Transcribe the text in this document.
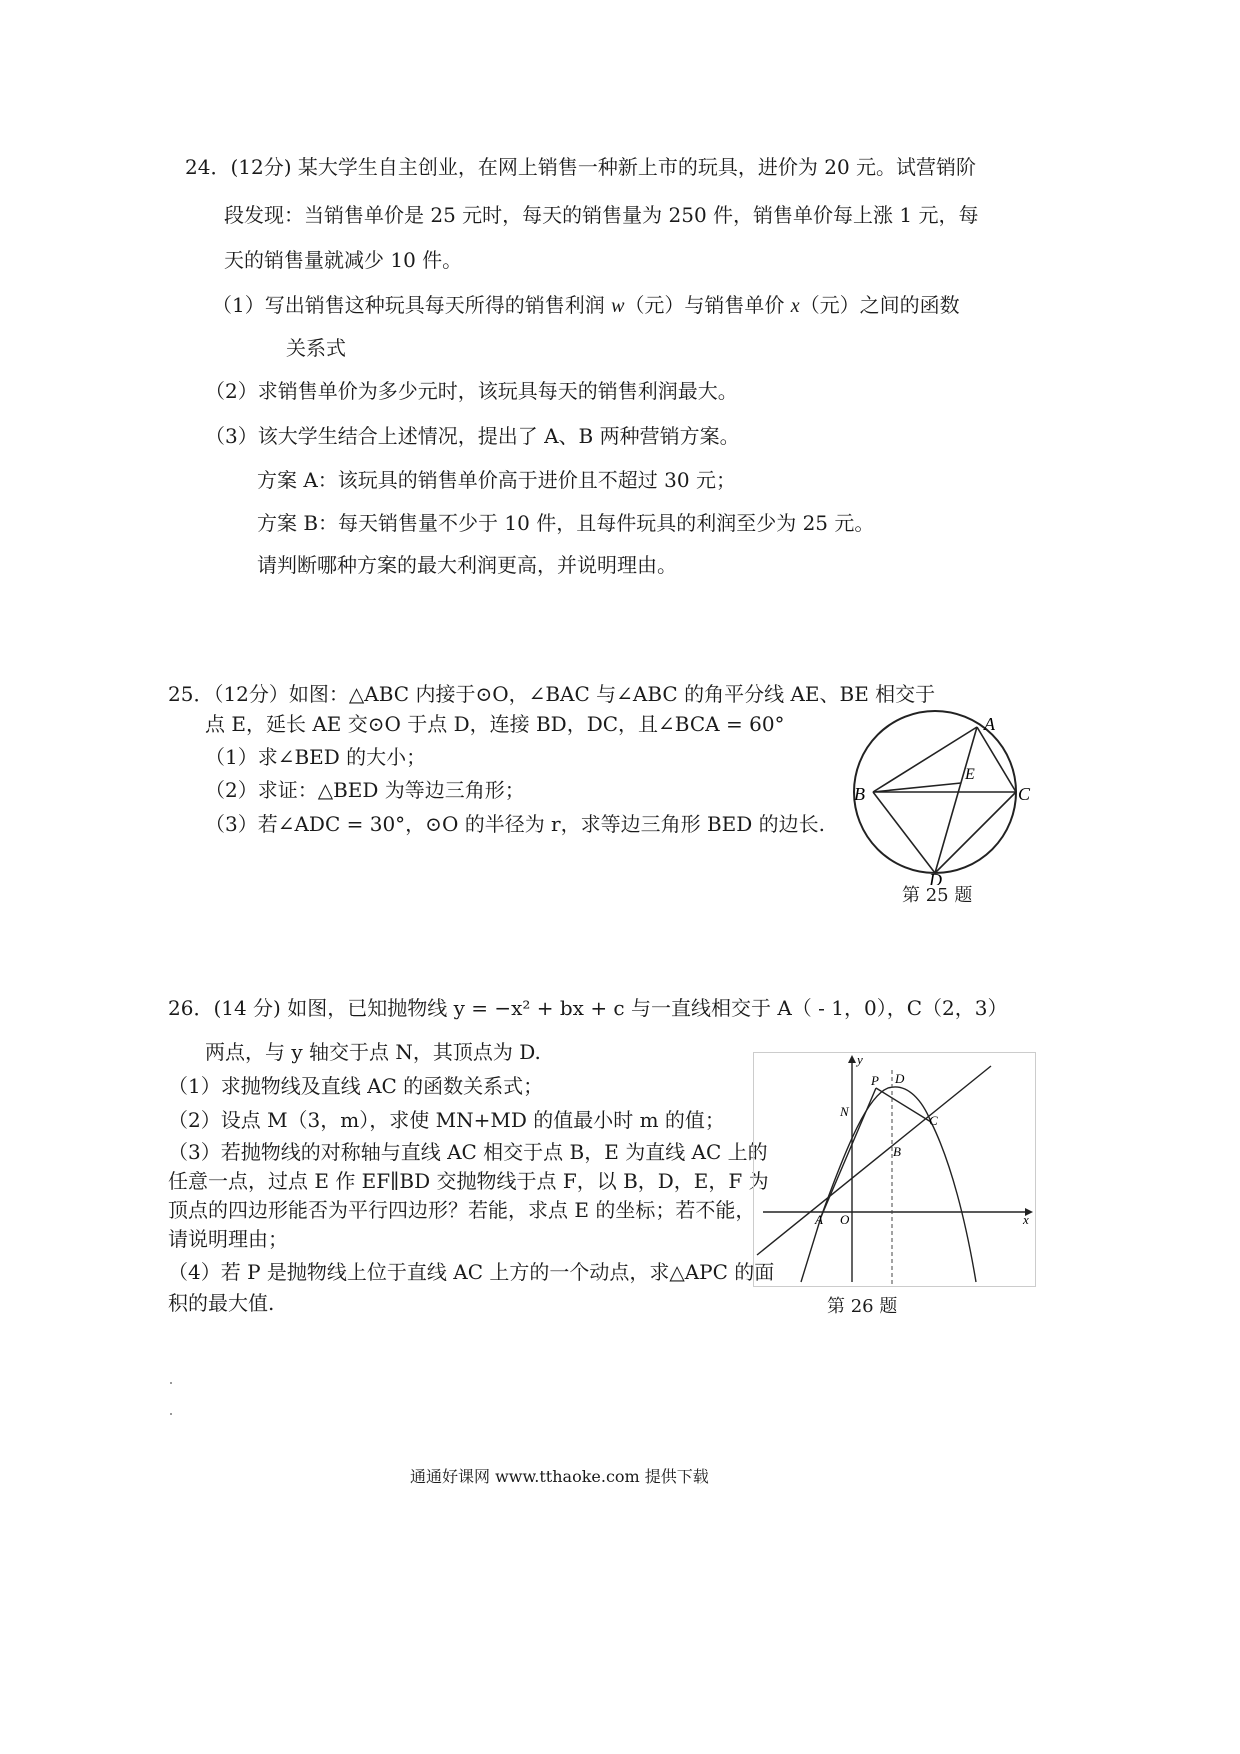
24．(12分) 某大学生自主创业，在网上销售一种新上市的玩具，进价为 20 元。试营销阶
段发现：当销售单价是 25 元时，每天的销售量为 250 件，销售单价每上涨 1 元，每
天的销售量就减少 10 件。
（1）写出销售这种玩具每天所得的销售利润 w（元）与销售单价 x（元）之间的函数
关系式
（2）求销售单价为多少元时，该玩具每天的销售利润最大。
（3）该大学生结合上述情况，提出了 A、B 两种营销方案。
方案 A：该玩具的销售单价高于进价且不超过 30 元；
方案 B：每天销售量不少于 10 件，且每件玩具的利润至少为 25 元。
请判断哪种方案的最大利润更高，并说明理由。
25．（12分）如图：△ABC 内接于⊙O，∠BAC 与∠ABC 的角平分线 AE、BE 相交于
点 E，延长 AE 交⊙O 于点 D，连接 BD，DC，且∠BCA = 60°
（1）求∠BED 的大小；
（2）求证：△BED 为等边三角形；
（3）若∠ADC = 30°，⊙O 的半径为 r，求等边三角形 BED 的边长.
A
B	C
D
E
第 25 题
26．(14 分) 如图，已知抛物线 y = −x² + bx + c 与一直线相交于 A（ - 1，0），C（2，3）
两点，与 y 轴交于点 N，其顶点为 D.
（1）求抛物线及直线 AC 的函数关系式；
（2）设点 M（3，m），求使 MN+MD 的值最小时 m 的值；
（3）若抛物线的对称轴与直线 AC 相交于点 B，E 为直线 AC 上的
任意一点，过点 E 作 EF∥BD 交抛物线于点 F，以 B，D，E，F 为
顶点的四边形能否为平行四边形？若能，求点 E 的坐标；若不能，
请说明理由；
（4）若 P 是抛物线上位于直线 AC 上方的一个动点，求△APC 的面
积的最大值.
y
x
O
A
B
C
D
N
P
第 26 题
通通好课网 www.tthaoke.com 提供下载
